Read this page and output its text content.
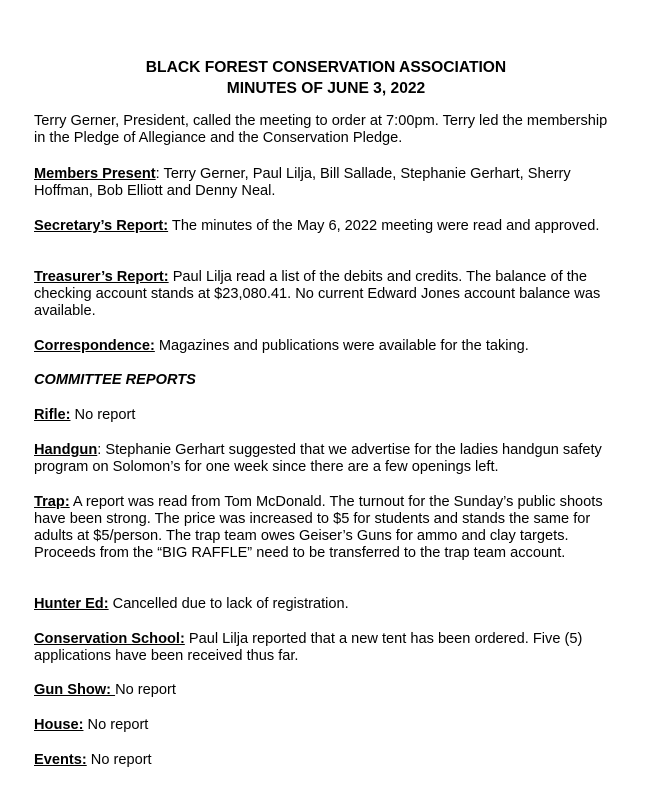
BLACK FOREST CONSERVATION ASSOCIATION
MINUTES OF JUNE 3, 2022

Terry Gerner, President, called the meeting to order at 7:00pm. Terry led the membership in the Pledge of Allegiance and the Conservation Pledge.

Members Present: Terry Gerner, Paul Lilja, Bill Sallade, Stephanie Gerhart, Sherry Hoffman, Bob Elliott and Denny Neal.

Secretary’s Report: The minutes of the May 6, 2022 meeting were read and approved.

Treasurer’s Report: Paul Lilja read a list of the debits and credits. The balance of the checking account stands at $23,080.41. No current Edward Jones account balance was available.

Correspondence: Magazines and publications were available for the taking.

COMMITTEE REPORTS

Rifle: No report

Handgun: Stephanie Gerhart suggested that we advertise for the ladies handgun safety program on Solomon’s for one week since there are a few openings left.

Trap: A report was read from Tom McDonald. The turnout for the Sunday’s public shoots have been strong. The price was increased to $5 for students and stands the same for adults at $5/person. The trap team owes Geiser’s Guns for ammo and clay targets. Proceeds from the “BIG RAFFLE” need to be transferred to the trap team account.

Hunter Ed: Cancelled due to lack of registration.

Conservation School: Paul Lilja reported that a new tent has been ordered. Five (5) applications have been received thus far.

Gun Show: No report

House: No report

Events: No report
